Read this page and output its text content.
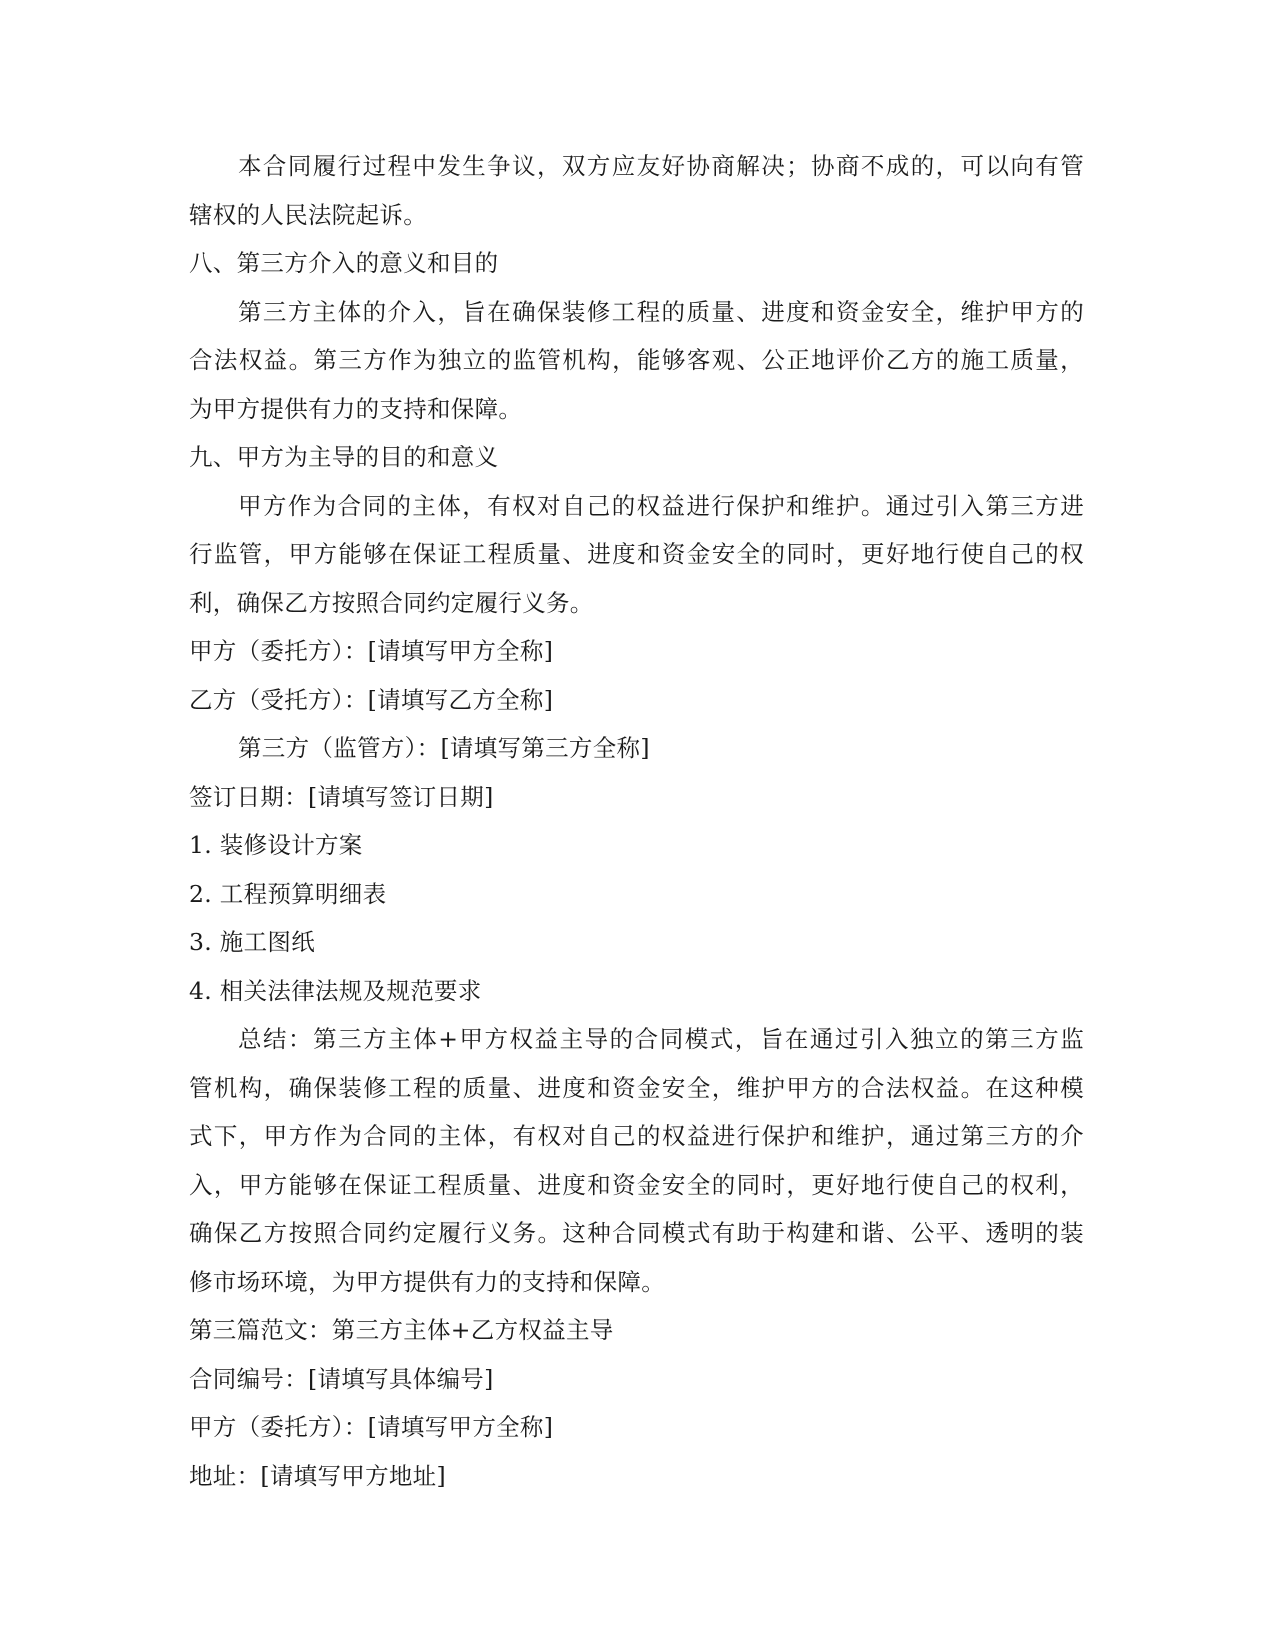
本合同履行过程中发生争议，双方应友好协商解决；协商不成的，可以向有管
辖权的人民法院起诉。
八、第三方介入的意义和目的
第三方主体的介入，旨在确保装修工程的质量、进度和资金安全，维护甲方的
合法权益。第三方作为独立的监管机构，能够客观、公正地评价乙方的施工质量，
为甲方提供有力的支持和保障。
九、甲方为主导的目的和意义
甲方作为合同的主体，有权对自己的权益进行保护和维护。通过引入第三方进
行监管，甲方能够在保证工程质量、进度和资金安全的同时，更好地行使自己的权
利，确保乙方按照合同约定履行义务。
甲方（委托方）：[请填写甲方全称]
乙方（受托方）：[请填写乙方全称]
第三方（监管方）：[请填写第三方全称]
签订日期：[请填写签订日期]
1. 装修设计方案
2. 工程预算明细表
3. 施工图纸
4. 相关法律法规及规范要求
总结：第三方主体+甲方权益主导的合同模式，旨在通过引入独立的第三方监
管机构，确保装修工程的质量、进度和资金安全，维护甲方的合法权益。在这种模
式下，甲方作为合同的主体，有权对自己的权益进行保护和维护，通过第三方的介
入，甲方能够在保证工程质量、进度和资金安全的同时，更好地行使自己的权利，
确保乙方按照合同约定履行义务。这种合同模式有助于构建和谐、公平、透明的装
修市场环境，为甲方提供有力的支持和保障。
第三篇范文：第三方主体+乙方权益主导
合同编号：[请填写具体编号]
甲方（委托方）：[请填写甲方全称]
地址：[请填写甲方地址]
